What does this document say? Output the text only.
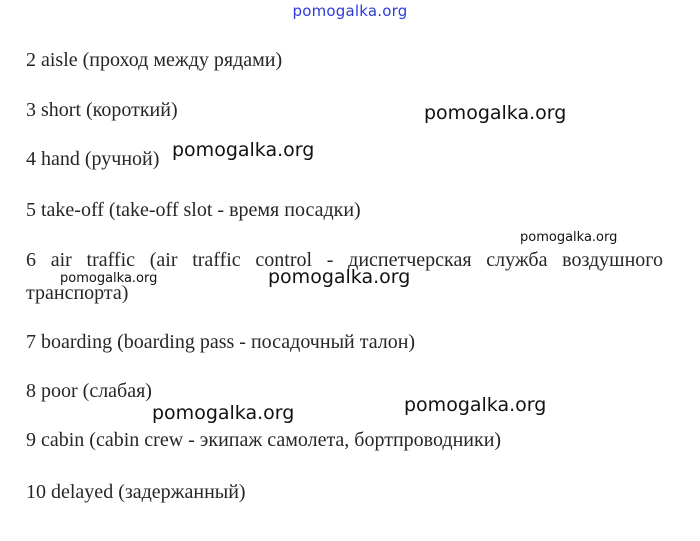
pomogalka.org
2 aisle (проход между рядами)
3 short (короткий)
4 hand (ручной)
5 take-off (take-off slot - время посадки)
6 air traffic (air traffic control - диспетчерская служба воздушного
транспорта)
7 boarding (boarding pass - посадочный талон)
8 poor (слабая)
9 cabin (cabin crew - экипаж самолета, бортпроводники)
10 delayed (задержанный)
pomogalka.org
pomogalka.org
pomogalka.org
pomogalka.org
pomogalka.org
pomogalka.org
pomogalka.org
